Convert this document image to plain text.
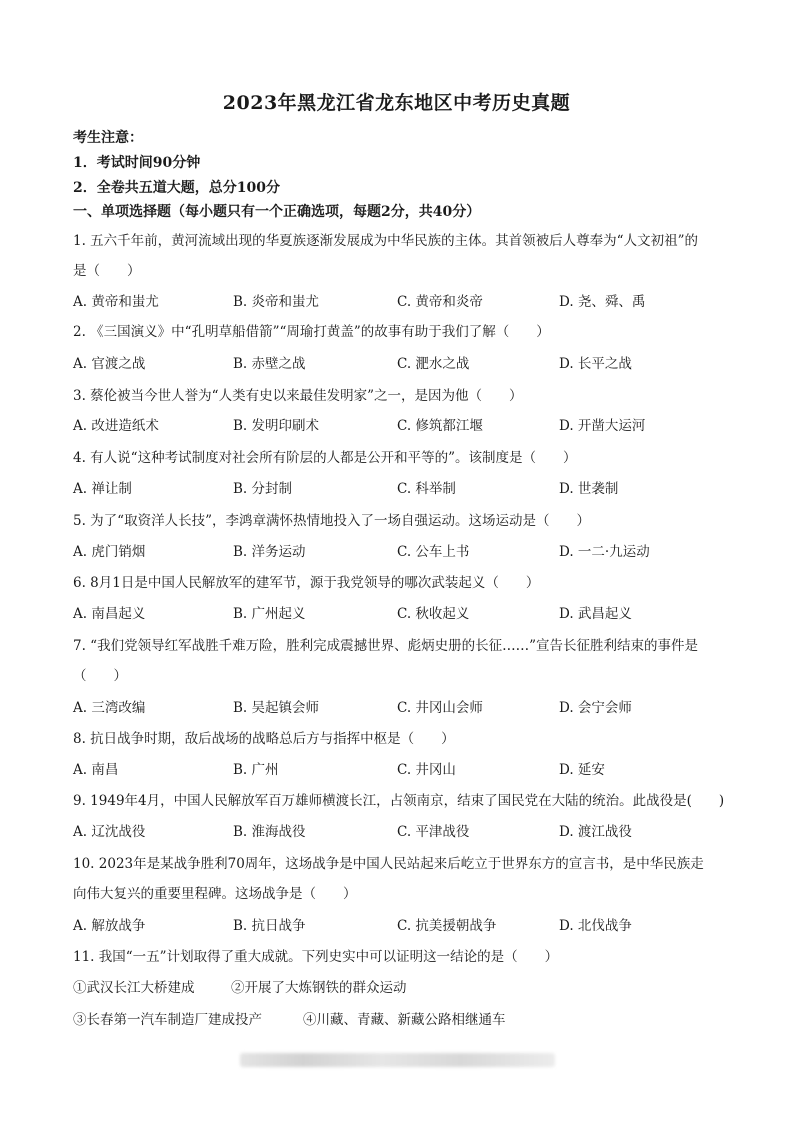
2023年黑龙江省龙东地区中考历史真题
考生注意：
1．考试时间90分钟
2．全卷共五道大题，总分100分
一、单项选择题（每小题只有一个正确选项，每题2分，共40分）
1. 五六千年前，黄河流域出现的华夏族逐渐发展成为中华民族的主体。其首领被后人尊奉为“人文初祖”的
是（　　）
A. 黄帝和蚩尤	B. 炎帝和蚩尤	C. 黄帝和炎帝	D. 尧、舜、禹
2. 《三国演义》中“孔明草船借箭”“周瑜打黄盖”的故事有助于我们了解（　　）
A. 官渡之战	B. 赤壁之战	C. 淝水之战	D. 长平之战
3. 蔡伦被当今世人誉为“人类有史以来最佳发明家”之一，是因为他（　　）
A. 改进造纸术	B. 发明印刷术	C. 修筑都江堰	D. 开凿大运河
4. 有人说“这种考试制度对社会所有阶层的人都是公开和平等的”。该制度是（　　）
A. 禅让制	B. 分封制	C. 科举制	D. 世袭制
5. 为了“取资洋人长技”，李鸿章满怀热情地投入了一场自强运动。这场运动是（　　）
A. 虎门销烟	B. 洋务运动	C. 公车上书	D. 一二·九运动
6. 8月1日是中国人民解放军的建军节，源于我党领导的哪次武装起义（　　）
A. 南昌起义	B. 广州起义	C. 秋收起义	D. 武昌起义
7. “我们党领导红军战胜千难万险，胜利完成震撼世界、彪炳史册的长征……”宣告长征胜利结束的事件是
（　　）
A. 三湾改编	B. 吴起镇会师	C. 井冈山会师	D. 会宁会师
8. 抗日战争时期，敌后战场的战略总后方与指挥中枢是（　　）
A. 南昌	B. 广州	C. 井冈山	D. 延安
9. 1949年4月，中国人民解放军百万雄师横渡长江，占领南京，结束了国民党在大陆的统治。此战役是(　　)
A. 辽沈战役	B. 淮海战役	C. 平津战役	D. 渡江战役
10. 2023年是某战争胜利70周年，这场战争是中国人民站起来后屹立于世界东方的宣言书，是中华民族走
向伟大复兴的重要里程碑。这场战争是（　　）
A. 解放战争	B. 抗日战争	C. 抗美援朝战争	D. 北伐战争
11. 我国“一五”计划取得了重大成就。下列史实中可以证明这一结论的是（　　）
①武汉长江大桥建成	②开展了大炼钢铁的群众运动
③长春第一汽车制造厂建成投产	④川藏、青藏、新藏公路相继通车
